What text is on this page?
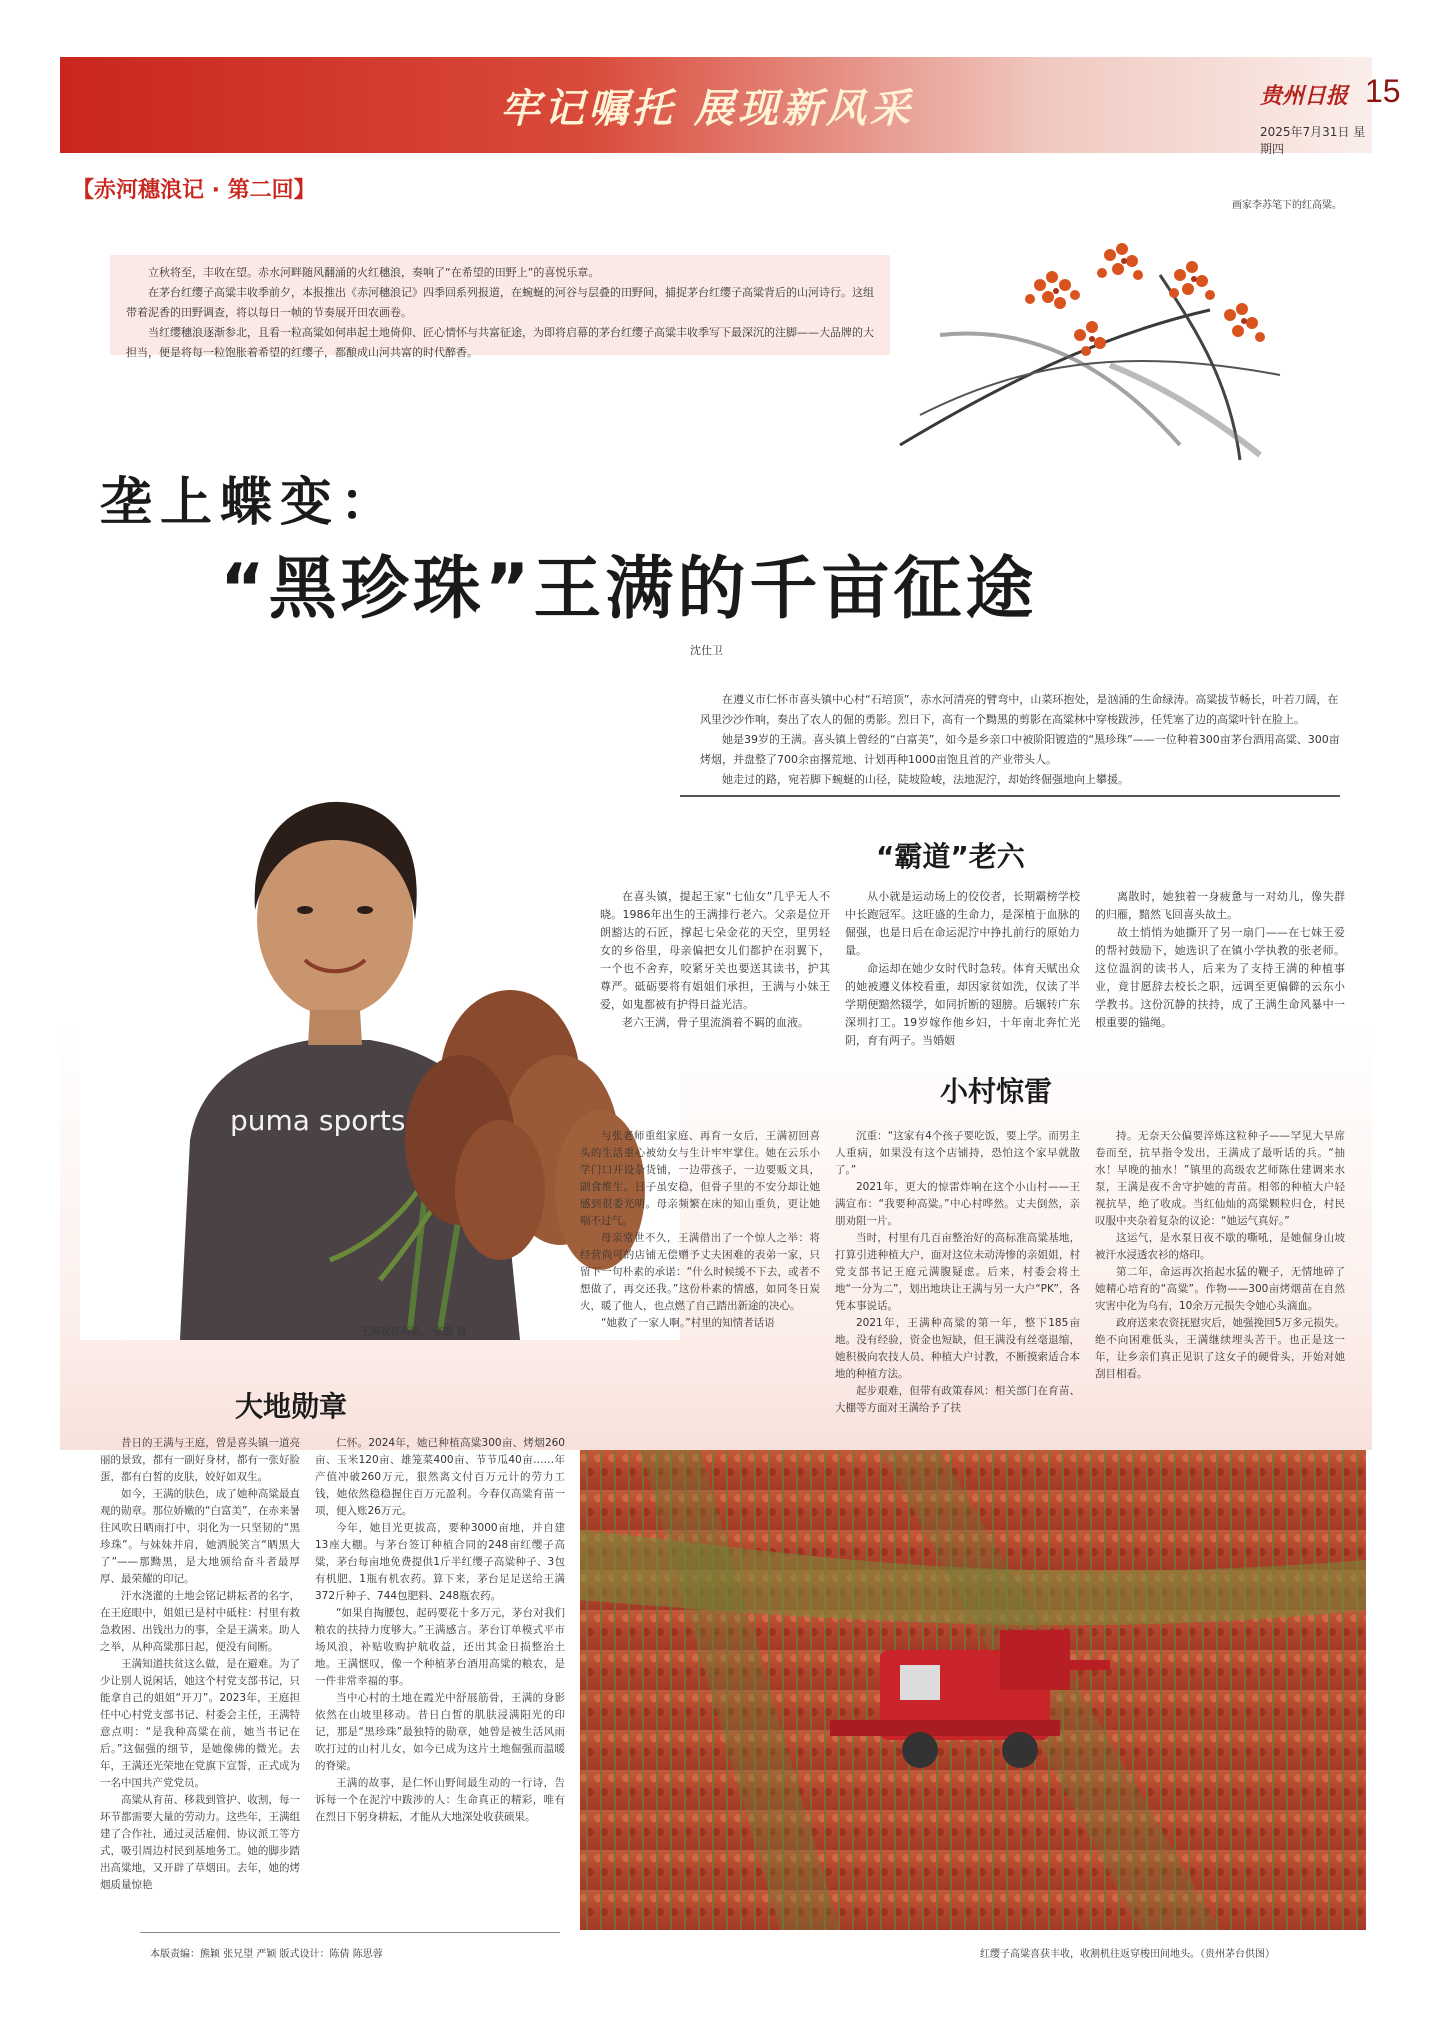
牢记嘱托 展现新风采	贵州日报 15
2025年7月31日 星期四
【赤河穗浪记 · 第二回】

立秋将至，丰收在望。赤水河畔随风翻涌的火红穗浪，奏响了“在希望的田野上”的喜悦乐章。

在茅台红缨子高粱丰收季前夕，本报推出《赤河穗浪记》四季回系列报道，在蜿蜒的河谷与层叠的田野间，捕捉茅台红缨子高粱背后的山河诗行。这组带着泥香的田野调查，将以每日一帧的节奏展开田农画卷。

当红缨穗浪逐渐参北，且看一粒高粱如何串起土地倚仰、匠心情怀与共富征途，为即将启幕的茅台红缨子高粱丰收季写下最深沉的注脚——大品牌的大担当，便是将每一粒饱胀着希望的红缨子，都酿成山河共富的时代醉香。

画家李苏笔下的红高粱。
垄上蝶变：
“黑珍珠”王满的千亩征途
沈仕卫

在遵义市仁怀市喜头镇中心村“石培顶”，赤水河清亮的臂弯中，山菜环抱处，是汹涌的生命绿涛。高粱拔节畅长，叶若刀阔，在风里沙沙作响，奏出了农人的倔的勇影。烈日下，高有一个黝黑的剪影在高粱林中穿梭跋涉，任凭塞了边的高粱叶针在脸上。

她是39岁的王满。喜头镇上曾经的“白富美”，如今是乡亲口中被阶阳镀造的“黑珍珠”——一位种着300亩茅台酒用高粱、300亩烤烟，并盘整了700余亩撂荒地、计划再种1000亩饱且首的产业带头人。

她走过的路，宛若脚下蜿蜒的山径，陡坡险峻，法地泥泞，却始终倔强地向上攀援。

puma sports
王满收获高粱。 张凯 摄
“霸道”老六

在喜头镇，提起王家“七仙女”几乎无人不晓。1986年出生的王满排行老六。父亲是位开朗豁达的石匠，撑起七朵金花的天空，里男轻女的乡俗里，母亲偏把女儿们都护在羽翼下，一个也不舍弃，咬紧牙关也要送其读书，护其尊严。砥砺要将有姐姐们承担，王满与小妹王爱，如鬼都被有护得日益光洁。

老六王满，骨子里流淌着不羁的血液。

从小就是运动场上的佼佼者，长期霸榜学校中长跑冠军。这旺盛的生命力，是深植于血脉的倔强，也是日后在命运泥泞中挣扎前行的原始力量。

命运却在她少女时代时急转。体育天赋出众的她被遵义体校看重，却因家贫如洗，仅读了半学期便黯然辍学，如同折断的翅膀。后辗转广东深圳打工。19岁嫁作他乡妇，十年南北奔忙光阴，育有两子。当婚姻

离散时，她独着一身疲惫与一对幼儿，像失群的归雁，黯然飞回喜头故土。

故土悄悄为她撕开了另一扇门——在七妹王爱的帮衬鼓励下，她选识了在镇小学执教的张老师。这位温润的读书人，后来为了支持王满的种植事业，竟甘愿辞去校长之职，远调至更偏僻的云东小学教书。这份沉静的扶持，成了王满生命风暴中一根重要的锚绳。

小村惊雷

与张老师重组家庭、再育一女后，王满初回喜头的生活重心被幼女与生计牢牢掌住。她在云乐小学门口开设杂货铺，一边带孩子，一边要贩文具，副食维生。日子虽安稳，但骨子里的不安分却让她感到很委光明。母亲频繁在床的知山重负，更让她喘不过气。

母亲常世不久，王满借出了一个惊人之举：将经营尚可的店铺无偿赠予丈夫困难的表弟一家，只留下一句朴素的承诺：“什么时候缓不下去，或者不想做了，再交还我。”这份朴素的情感，如同冬日炭火，暖了他人，也点燃了自己踏出新途的决心。

“她救了一家人啊。”村里的知情者话语

沉重：“这家有4个孩子要吃饭，要上学。而男主人重病，如果没有这个店铺持，恐怕这个家早就散了。”

2021年，更大的惊雷炸响在这个小山村——王满宣布：“我要种高粱。”中心村哗然。丈夫倒然，亲朋劝阻一片。

当时，村里有几百亩整治好的高标准高粱基地，打算引进种植大户，面对这位未动涛惨的亲姐姐，村党支部书记王庭元满腹疑虑。后来，村委会将土地“一分为二”，划出地块让王满与另一大户“PK”，各凭本事说话。

2021年，王满种高粱的第一年，整下185亩地。没有经验，资金也短缺，但王满没有丝毫退缩，她积极向农技人员、种植大户讨教，不断摸索适合本地的种植方法。

起步艰难，但带有政策春风：相关部门在育苗、大棚等方面对王满给予了扶

持。无奈天公偏要淬炼这粒种子——罕见大旱席卷而至，抗旱指令发出，王满成了最听话的兵。“抽水！早晚的抽水！”镇里的高级农艺师陈仕建调来水泵，王满是夜不舍守护她的青苗。相邻的种植大户轻视抗旱，绝了收成。当红仙灿的高粱颗粒归仓，村民叹服中夹杂着复杂的议论：“她运气真好。”

这运气，是水泵日夜不歇的嘶吼，是她倔身山坡被汗水浸透农衫的烙印。

第二年，命运再次掐起水猛的鞭子，无情地碎了她精心培育的“高粱”。作物——300亩烤烟苗在自然灾害中化为乌有，10余万元损失令她心头滴血。

政府送来农资抚慰灾后，她强挽回5万多元损失。绝不向困难低头，王满继续埋头苦干。也正是这一年，让乡亲们真正见识了这女子的硬骨头，开始对她刮目相看。

大地勋章

昔日的王满与王庭，曾是喜头镇一道亮丽的景致，都有一副好身材，都有一张好脸蛋，都有白皙的皮肤，姣好如双生。

如今，王满的肤色，成了她种高粱最直观的勋章。那位娇嫩的“白富美”，在赤来暑往风吹日晒雨打中，羽化为一只坚韧的“黑珍珠”。与妹妹并肩，她洒脱笑言“晒黑大了”——那黝黑，是大地颁给奋斗者最厚厚、最荣耀的印记。

汗水浇灌的土地会铭记耕耘者的名字，在王庭眼中，姐姐已是村中砥柱：村里有救急救困、出钱出力的事，全是王满来。助人之举，从种高粱那日起，便没有间断。

王满知道扶贫这么做，是在避难。为了少让别人说闲话，她这个村党支部书记，只能拿自己的姐姐“开刀”。2023年，王庭担任中心村党支部书记、村委会主任，王满特意点明：“是我种高粱在前，她当书记在后。”这倔强的细节，是她像佛的微光。去年，王满还光荣地在党旗下宣誓，正式成为一名中国共产党党员。

高粱从育苗、移栽到管护、收割，每一环节都需要大量的劳动力。这些年，王满组建了合作社，通过灵活雇佣、协议派工等方式，吸引周边村民到基地务工。她的脚步踏出高粱地，又开辟了草烟田。去年，她的烤烟质量惊艳

仁怀。2024年，她已种植高粱300亩、烤烟260亩、玉米120亩、雄笼菜400亩、节节瓜40亩……年产值冲破260万元，狠然离文付百万元计的劳力工钱，她依然稳稳握住百万元盈利。今春仅高粱育苗一项，便入账26万元。

今年，她目光更拔高，要种3000亩地，并自建13座大棚。与茅台签订种植合同的248亩红缨子高粱，茅台每亩地免费提供1斤半红缨子高粱种子、3包有机肥、1瓶有机农药。算下来，茅台足足送给王满372斤种子、744包肥料、248瓶农药。

“如果自掏腰包，起码要花十多万元，茅台对我们粮农的扶持力度够大。”王满感言。茅台订单模式平市场风浪，补贴收购护航收益，还出其金日损整治土地。王满惬叹，像一个种植茅台酒用高粱的粮农，是一件非常幸福的事。

当中心村的土地在霞光中舒展筋骨，王满的身影依然在山坡里移动。昔日白皙的肌肤浸满阳光的印记，那是“黑珍珠”最独特的勋章，她曾是被生活风雨吹打过的山村儿女，如今已成为这片土地倔强而温暖的脊梁。

王满的故事，是仁怀山野间最生动的一行诗，告诉每一个在泥泞中跋涉的人：生命真正的精彩，唯有在烈日下躬身耕耘，才能从大地深处收获硕果。

红缨子高粱喜获丰收，收割机往返穿梭田间地头。（贵州茅台供图）
本版责编：熊颖 张兄望 严颖 版式设计：陈倩 陈思蓉
